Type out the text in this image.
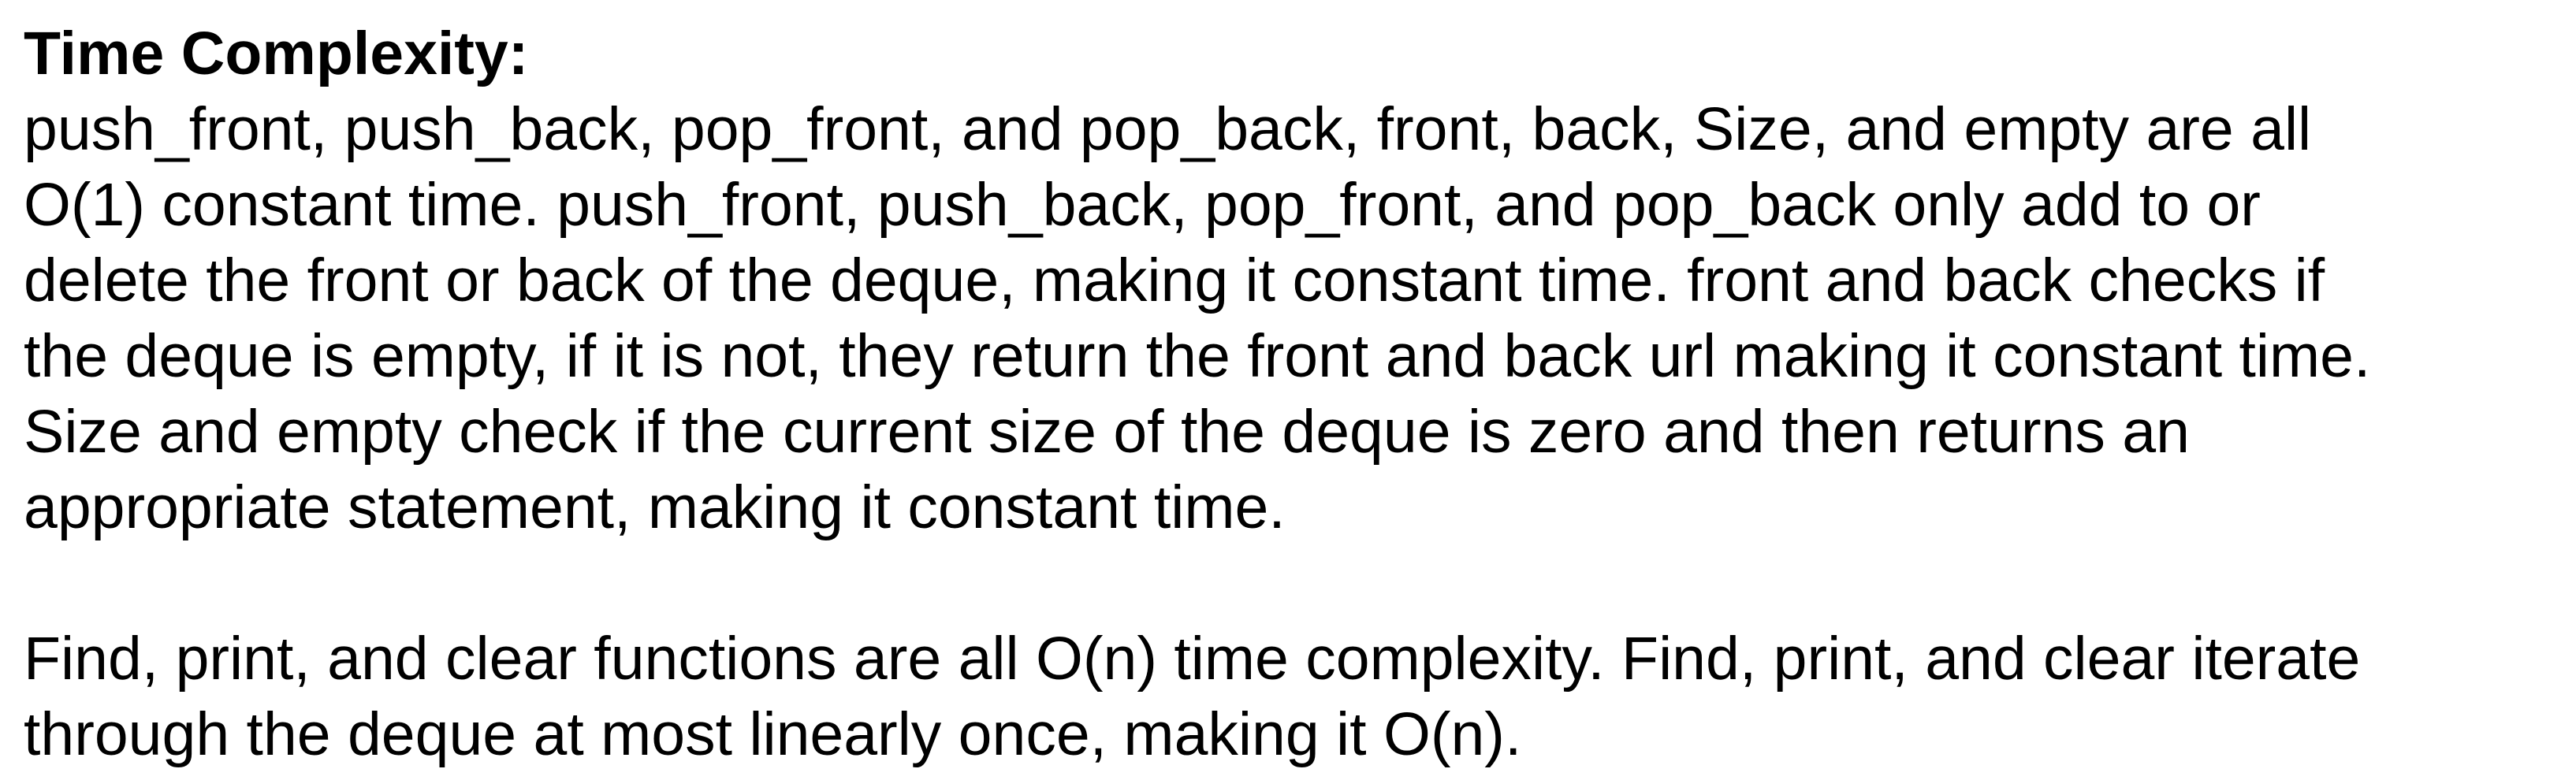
Time Complexity:
push_front, push_back, pop_front, and pop_back, front, back, Size, and empty are all
O(1) constant time. push_front, push_back, pop_front, and pop_back only add to or
delete the front or back of the deque, making it constant time. front and back checks if
the deque is empty, if it is not, they return the front and back url making it constant time.
Size and empty check if the current size of the deque is zero and then returns an
appropriate statement, making it constant time.
Find, print, and clear functions are all O(n) time complexity. Find, print, and clear iterate
through the deque at most linearly once, making it O(n).
